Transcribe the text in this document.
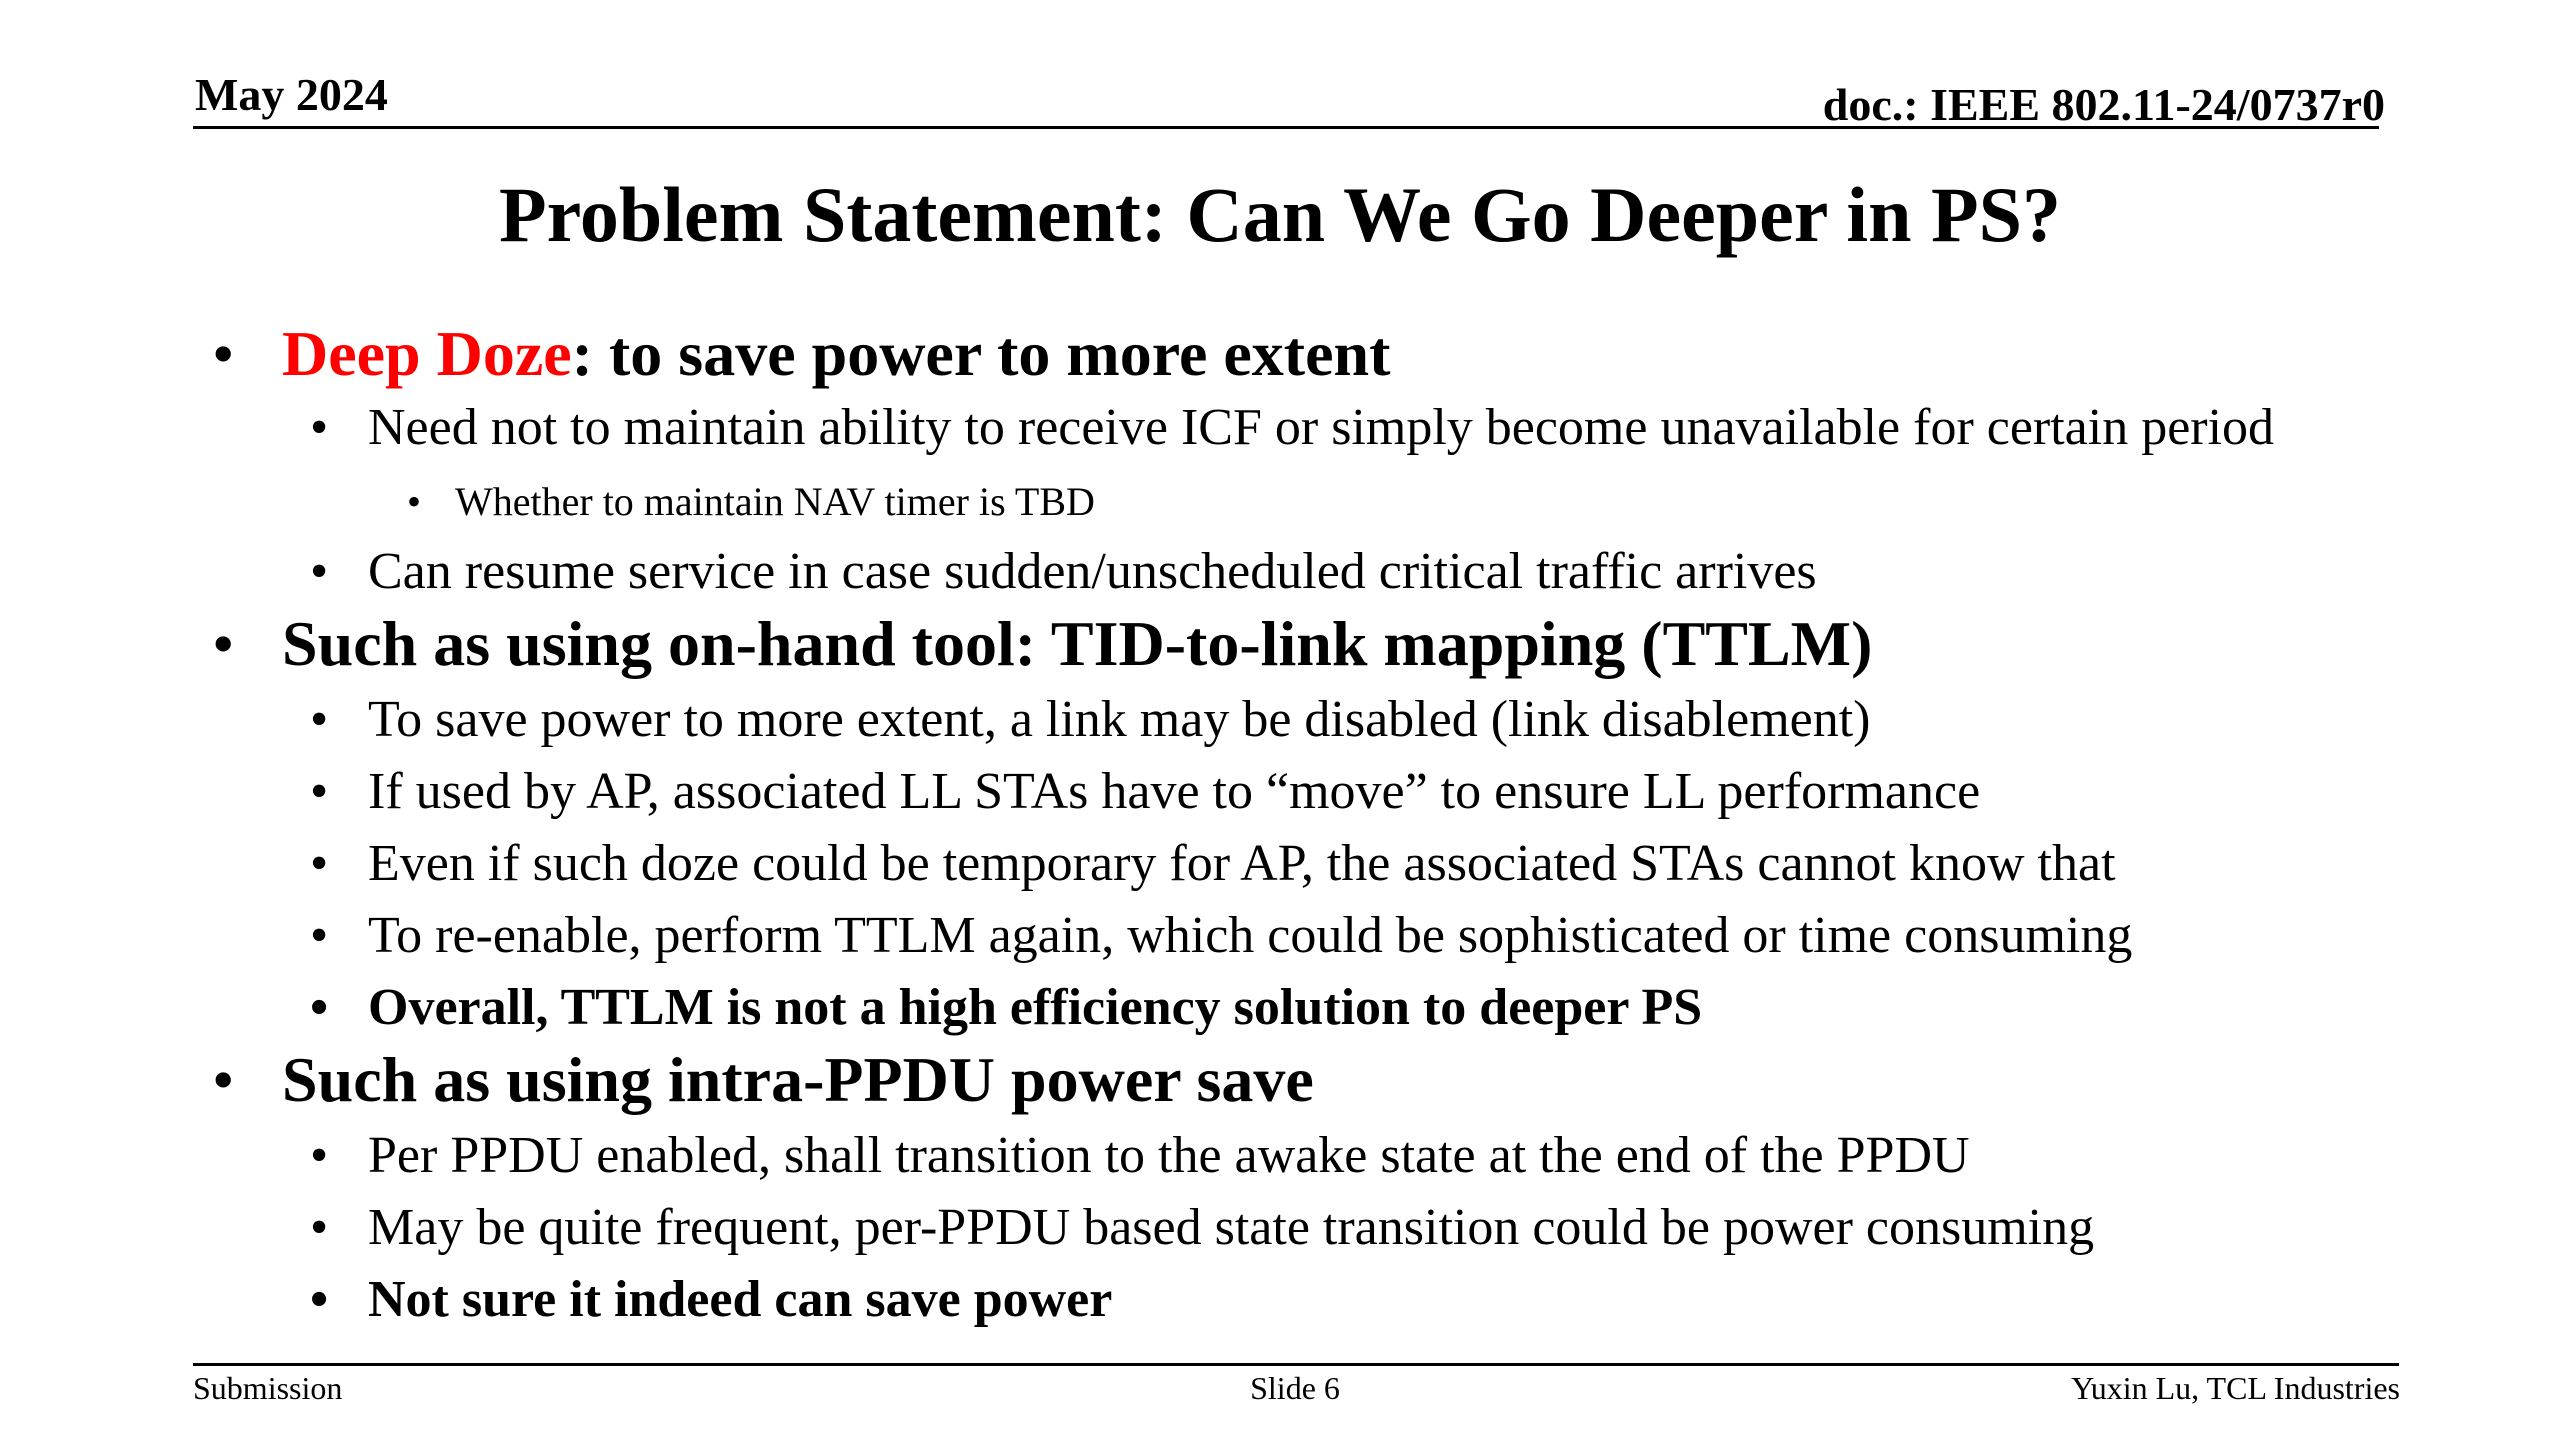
May 2024	doc.: IEEE 802.11-24/0737r0
Problem Statement: Can We Go Deeper in PS?
• Deep Doze: to save power to more extent
• Need not to maintain ability to receive ICF or simply become unavailable for certain period
• Whether to maintain NAV timer is TBD
• Can resume service in case sudden/unscheduled critical traffic arrives
• Such as using on-hand tool: TID-to-link mapping (TTLM)
• To save power to more extent, a link may be disabled (link disablement)
• If used by AP, associated LL STAs have to “move” to ensure LL performance
• Even if such doze could be temporary for AP, the associated STAs cannot know that
• To re-enable, perform TTLM again, which could be sophisticated or time consuming
• Overall, TTLM is not a high efficiency solution to deeper PS
• Such as using intra-PPDU power save
• Per PPDU enabled, shall transition to the awake state at the end of the PPDU
• May be quite frequent, per-PPDU based state transition could be power consuming
• Not sure it indeed can save power
Submission	Slide 6	Yuxin Lu, TCL Industries
